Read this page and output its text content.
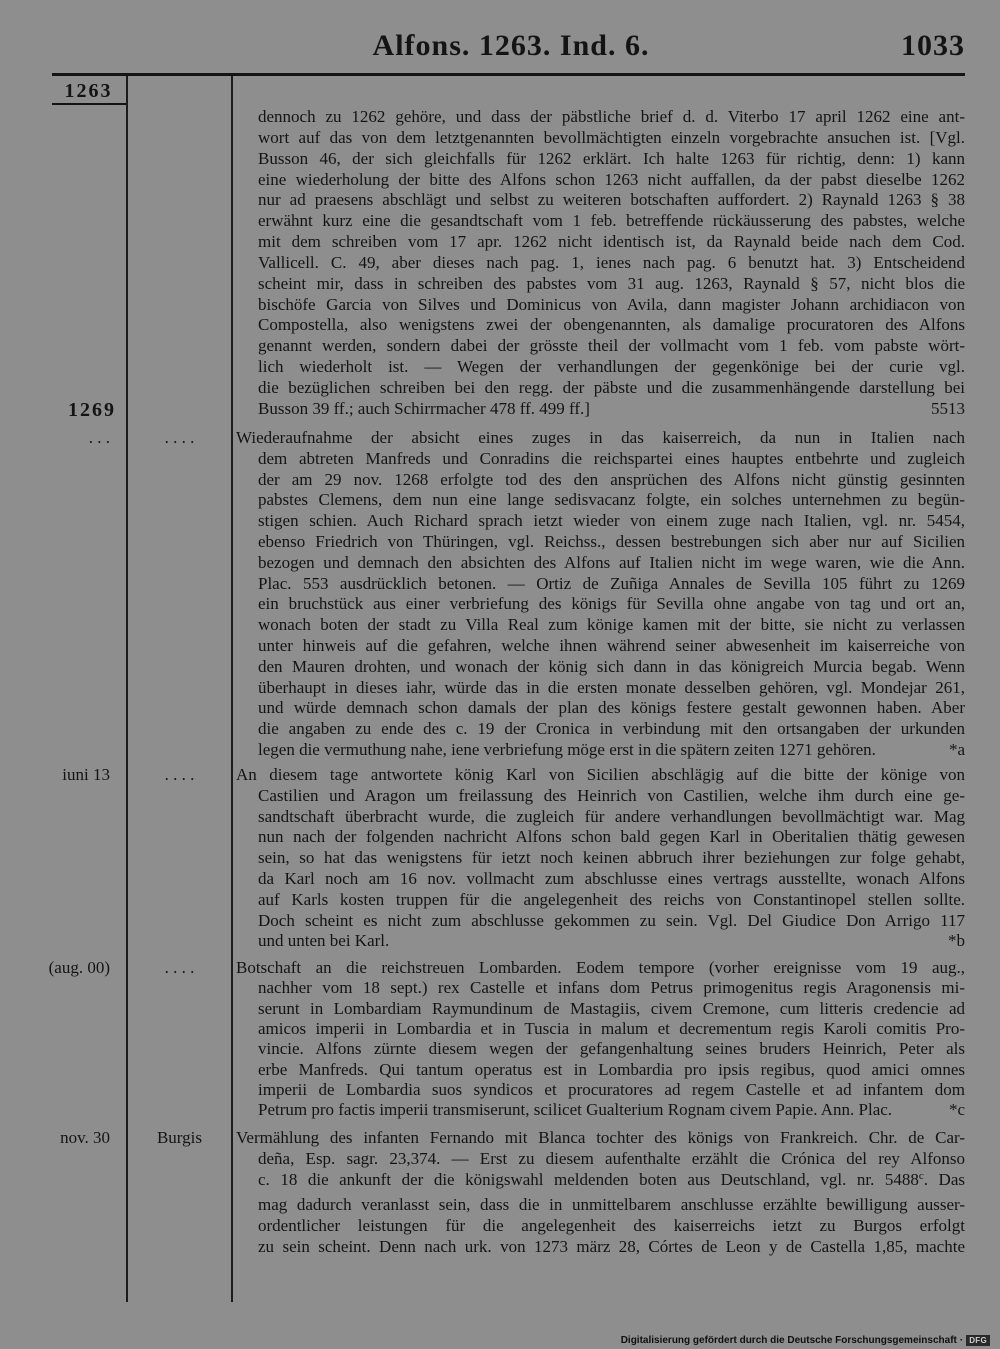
Alfons. 1263. Ind. 6.	1033
1263
dennoch zu 1262 gehöre, und dass der päbstliche brief d. d. Viterbo 17 april 1262 eine ant-
wort auf das von dem letztgenannten bevollmächtigten einzeln vorgebrachte ansuchen ist. [Vgl.
Busson 46, der sich gleichfalls für 1262 erklärt. Ich halte 1263 für richtig, denn: 1) kann
eine wiederholung der bitte des Alfons schon 1263 nicht auffallen, da der pabst dieselbe 1262
nur ad praesens abschlägt und selbst zu weiteren botschaften auffordert. 2) Raynald 1263 § 38
erwähnt kurz eine die gesandtschaft vom 1 feb. betreffende rückäusserung des pabstes, welche
mit dem schreiben vom 17 apr. 1262 nicht identisch ist, da Raynald beide nach dem Cod.
Vallicell. C. 49, aber dieses nach pag. 1, ienes nach pag. 6 benutzt hat. 3) Entscheidend
scheint mir, dass in schreiben des pabstes vom 31 aug. 1263, Raynald § 57, nicht blos die
bischöfe Garcia von Silves und Dominicus von Avila, dann magister Johann archidiacon von
Compostella, also wenigstens zwei der obengenannten, als damalige procuratoren des Alfons
genannt werden, sondern dabei der grösste theil der vollmacht vom 1 feb. vom pabste wört-
lich wiederholt ist. — Wegen der verhandlungen der gegenkönige bei der curie vgl.
die bezüglichen schreiben bei den regg. der päbste und die zusammenhängende darstellung bei
Busson 39 ff.; auch Schirrmacher 478 ff. 499 ff.]	5513
1269
. . .	. . . .	Wiederaufnahme der absicht eines zuges in das kaiserreich, da nun in Italien nach
dem abtreten Manfreds und Conradins die reichspartei eines hauptes entbehrte und zugleich
der am 29 nov. 1268 erfolgte tod des den ansprüchen des Alfons nicht günstig gesinnten
pabstes Clemens, dem nun eine lange sedisvacanz folgte, ein solches unternehmen zu begün-
stigen schien. Auch Richard sprach ietzt wieder von einem zuge nach Italien, vgl. nr. 5454,
ebenso Friedrich von Thüringen, vgl. Reichss., dessen bestrebungen sich aber nur auf Sicilien
bezogen und demnach den absichten des Alfons auf Italien nicht im wege waren, wie die Ann.
Plac. 553 ausdrücklich betonen. — Ortiz de Zuñiga Annales de Sevilla 105 führt zu 1269
ein bruchstück aus einer verbriefung des königs für Sevilla ohne angabe von tag und ort an,
wonach boten der stadt zu Villa Real zum könige kamen mit der bitte, sie nicht zu verlassen
unter hinweis auf die gefahren, welche ihnen während seiner abwesenheit im kaiserreiche von
den Mauren drohten, und wonach der könig sich dann in das königreich Murcia begab. Wenn
überhaupt in dieses iahr, würde das in die ersten monate desselben gehören, vgl. Mondejar 261,
und würde demnach schon damals der plan des königs festere gestalt gewonnen haben. Aber
die angaben zu ende des c. 19 der Cronica in verbindung mit den ortsangaben der urkunden
legen die vermuthung nahe, iene verbriefung möge erst in die spätern zeiten 1271 gehören.	*a
iuni 13	. . . .	An diesem tage antwortete könig Karl von Sicilien abschlägig auf die bitte der könige von
Castilien und Aragon um freilassung des Heinrich von Castilien, welche ihm durch eine ge-
sandtschaft überbracht wurde, die zugleich für andere verhandlungen bevollmächtigt war. Mag
nun nach der folgenden nachricht Alfons schon bald gegen Karl in Oberitalien thätig gewesen
sein, so hat das wenigstens für ietzt noch keinen abbruch ihrer beziehungen zur folge gehabt,
da Karl noch am 16 nov. vollmacht zum abschlusse eines vertrags ausstellte, wonach Alfons
auf Karls kosten truppen für die angelegenheit des reichs von Constantinopel stellen sollte.
Doch scheint es nicht zum abschlusse gekommen zu sein. Vgl. Del Giudice Don Arrigo 117
und unten bei Karl.	*b
(aug. 00)	. . . .	Botschaft an die reichstreuen Lombarden. Eodem tempore (vorher ereignisse vom 19 aug.,
nachher vom 18 sept.) rex Castelle et infans dom Petrus primogenitus regis Aragonensis mi-
serunt in Lombardiam Raymundinum de Mastagiis, civem Cremone, cum litteris credencie ad
amicos imperii in Lombardia et in Tuscia in malum et decrementum regis Karoli comitis Pro-
vincie. Alfons zürnte diesem wegen der gefangenhaltung seines bruders Heinrich, Peter als
erbe Manfreds. Qui tantum operatus est in Lombardia pro ipsis regibus, quod amici omnes
imperii de Lombardia suos syndicos et procuratores ad regem Castelle et ad infantem dom
Petrum pro factis imperii transmiserunt, scilicet Gualterium Rognam civem Papie. Ann. Plac.	*c
nov. 30	Burgis	Vermählung des infanten Fernando mit Blanca tochter des königs von Frankreich. Chr. de Car-
deña, Esp. sagr. 23,374. — Erst zu diesem aufenthalte erzählt die Crónica del rey Alfonso
c. 18 die ankunft der die königswahl meldenden boten aus Deutschland, vgl. nr. 5488$^c$. Das
mag dadurch veranlasst sein, dass die in unmittelbarem anschlusse erzählte bewilligung ausser-
ordentlicher leistungen für die angelegenheit des kaiserreichs ietzt zu Burgos erfolgt
zu sein scheint. Denn nach urk. von 1273 märz 28, Córtes de Leon y de Castella 1,85, machte
Digitalisierung gefördert durch die Deutsche Forschungsgemeinschaft · DFG
